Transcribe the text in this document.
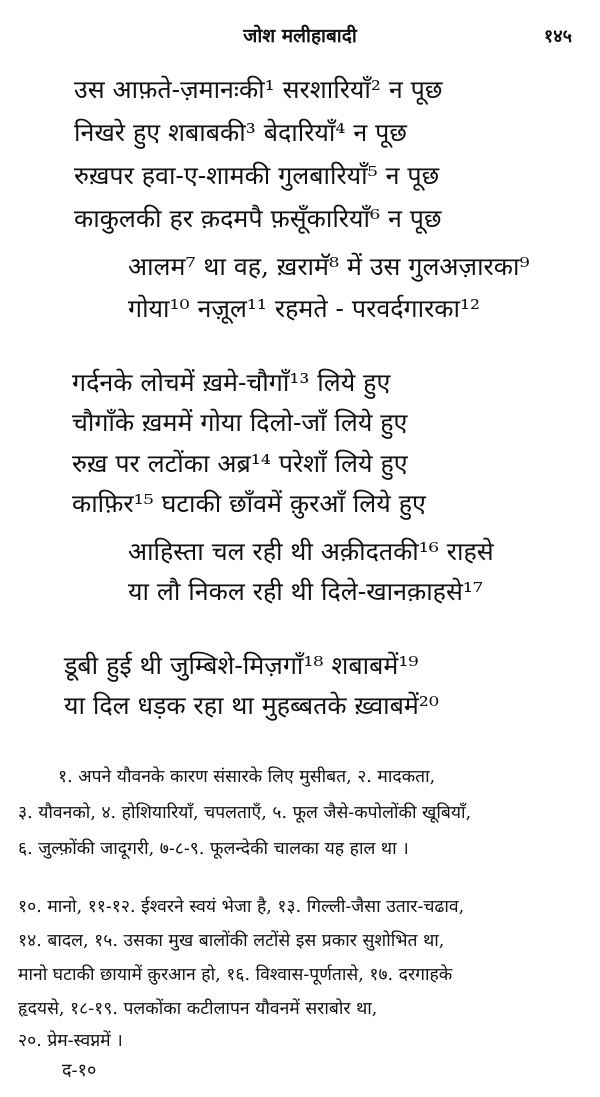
जोश मलीहाबादी	१४५
उस आफ़ते-ज़मानःकी¹ सरशारियाँ² न पूछ
निखरे हुए शबाबकी³ बेदारियाँ⁴ न पूछ
रुख़पर हवा-ए-शामकी गुलबारियाँ⁵ न पूछ
काकुलकी हर क़दमपै फ़सूँकारियाँ⁶ न पूछ
आलम⁷ था वह, ख़रामॅ⁸ में उस गुलअज़ारका⁹
गोया¹⁰ नज़ूल¹¹ रहमते - परवर्दगारका¹²
गर्दनके लोचमें ख़मे-चौगाँ¹³ लिये हुए
चौगाँके ख़ममें गोया दिलो-जाँ लिये हुए
रुख़ पर लटोंका अब्र¹⁴ परेशाँ लिये हुए
काफ़िर¹⁵ घटाकी छाँवमें क़ुरआँ लिये हुए
आहिस्ता चल रही थी अक़ीदतकी¹⁶ राहसे
या लौ निकल रही थी दिले-खानक़ाहसे¹⁷
डूबी हुई थी जुम्बिशे-मिज़गाँ¹⁸ शबाबमें¹⁹
या दिल धड़क रहा था मुहब्बतके ख़्वाबमें²⁰
१. अपने यौवनके कारण संसारके लिए मुसीबत, २. मादकता,
३. यौवनको, ४. होशियारियाँ, चपलताएँ, ५. फूल जैसे-कपोलोंकी खूबियाँ,
६. जुल्फ़ोंकी जादूगरी, ७-८-९. फूलन्देकी चालका यह हाल था ।
१०. मानो, ११-१२. ईश्वरने स्वयं भेजा है, १३. गिल्ली-जैसा उतार-चढाव,
१४. बादल, १५. उसका मुख बालोंकी लटोंसे इस प्रकार सुशोभित था,
मानो घटाकी छायामें क़ुरआन हो, १६. विश्वास-पूर्णतासे, १७. दरगाहके
हृदयसे, १८-१९. पलकोंका कटीलापन यौवनमें सराबोर था,
२०. प्रेम-स्वप्नमें ।
द-१०
